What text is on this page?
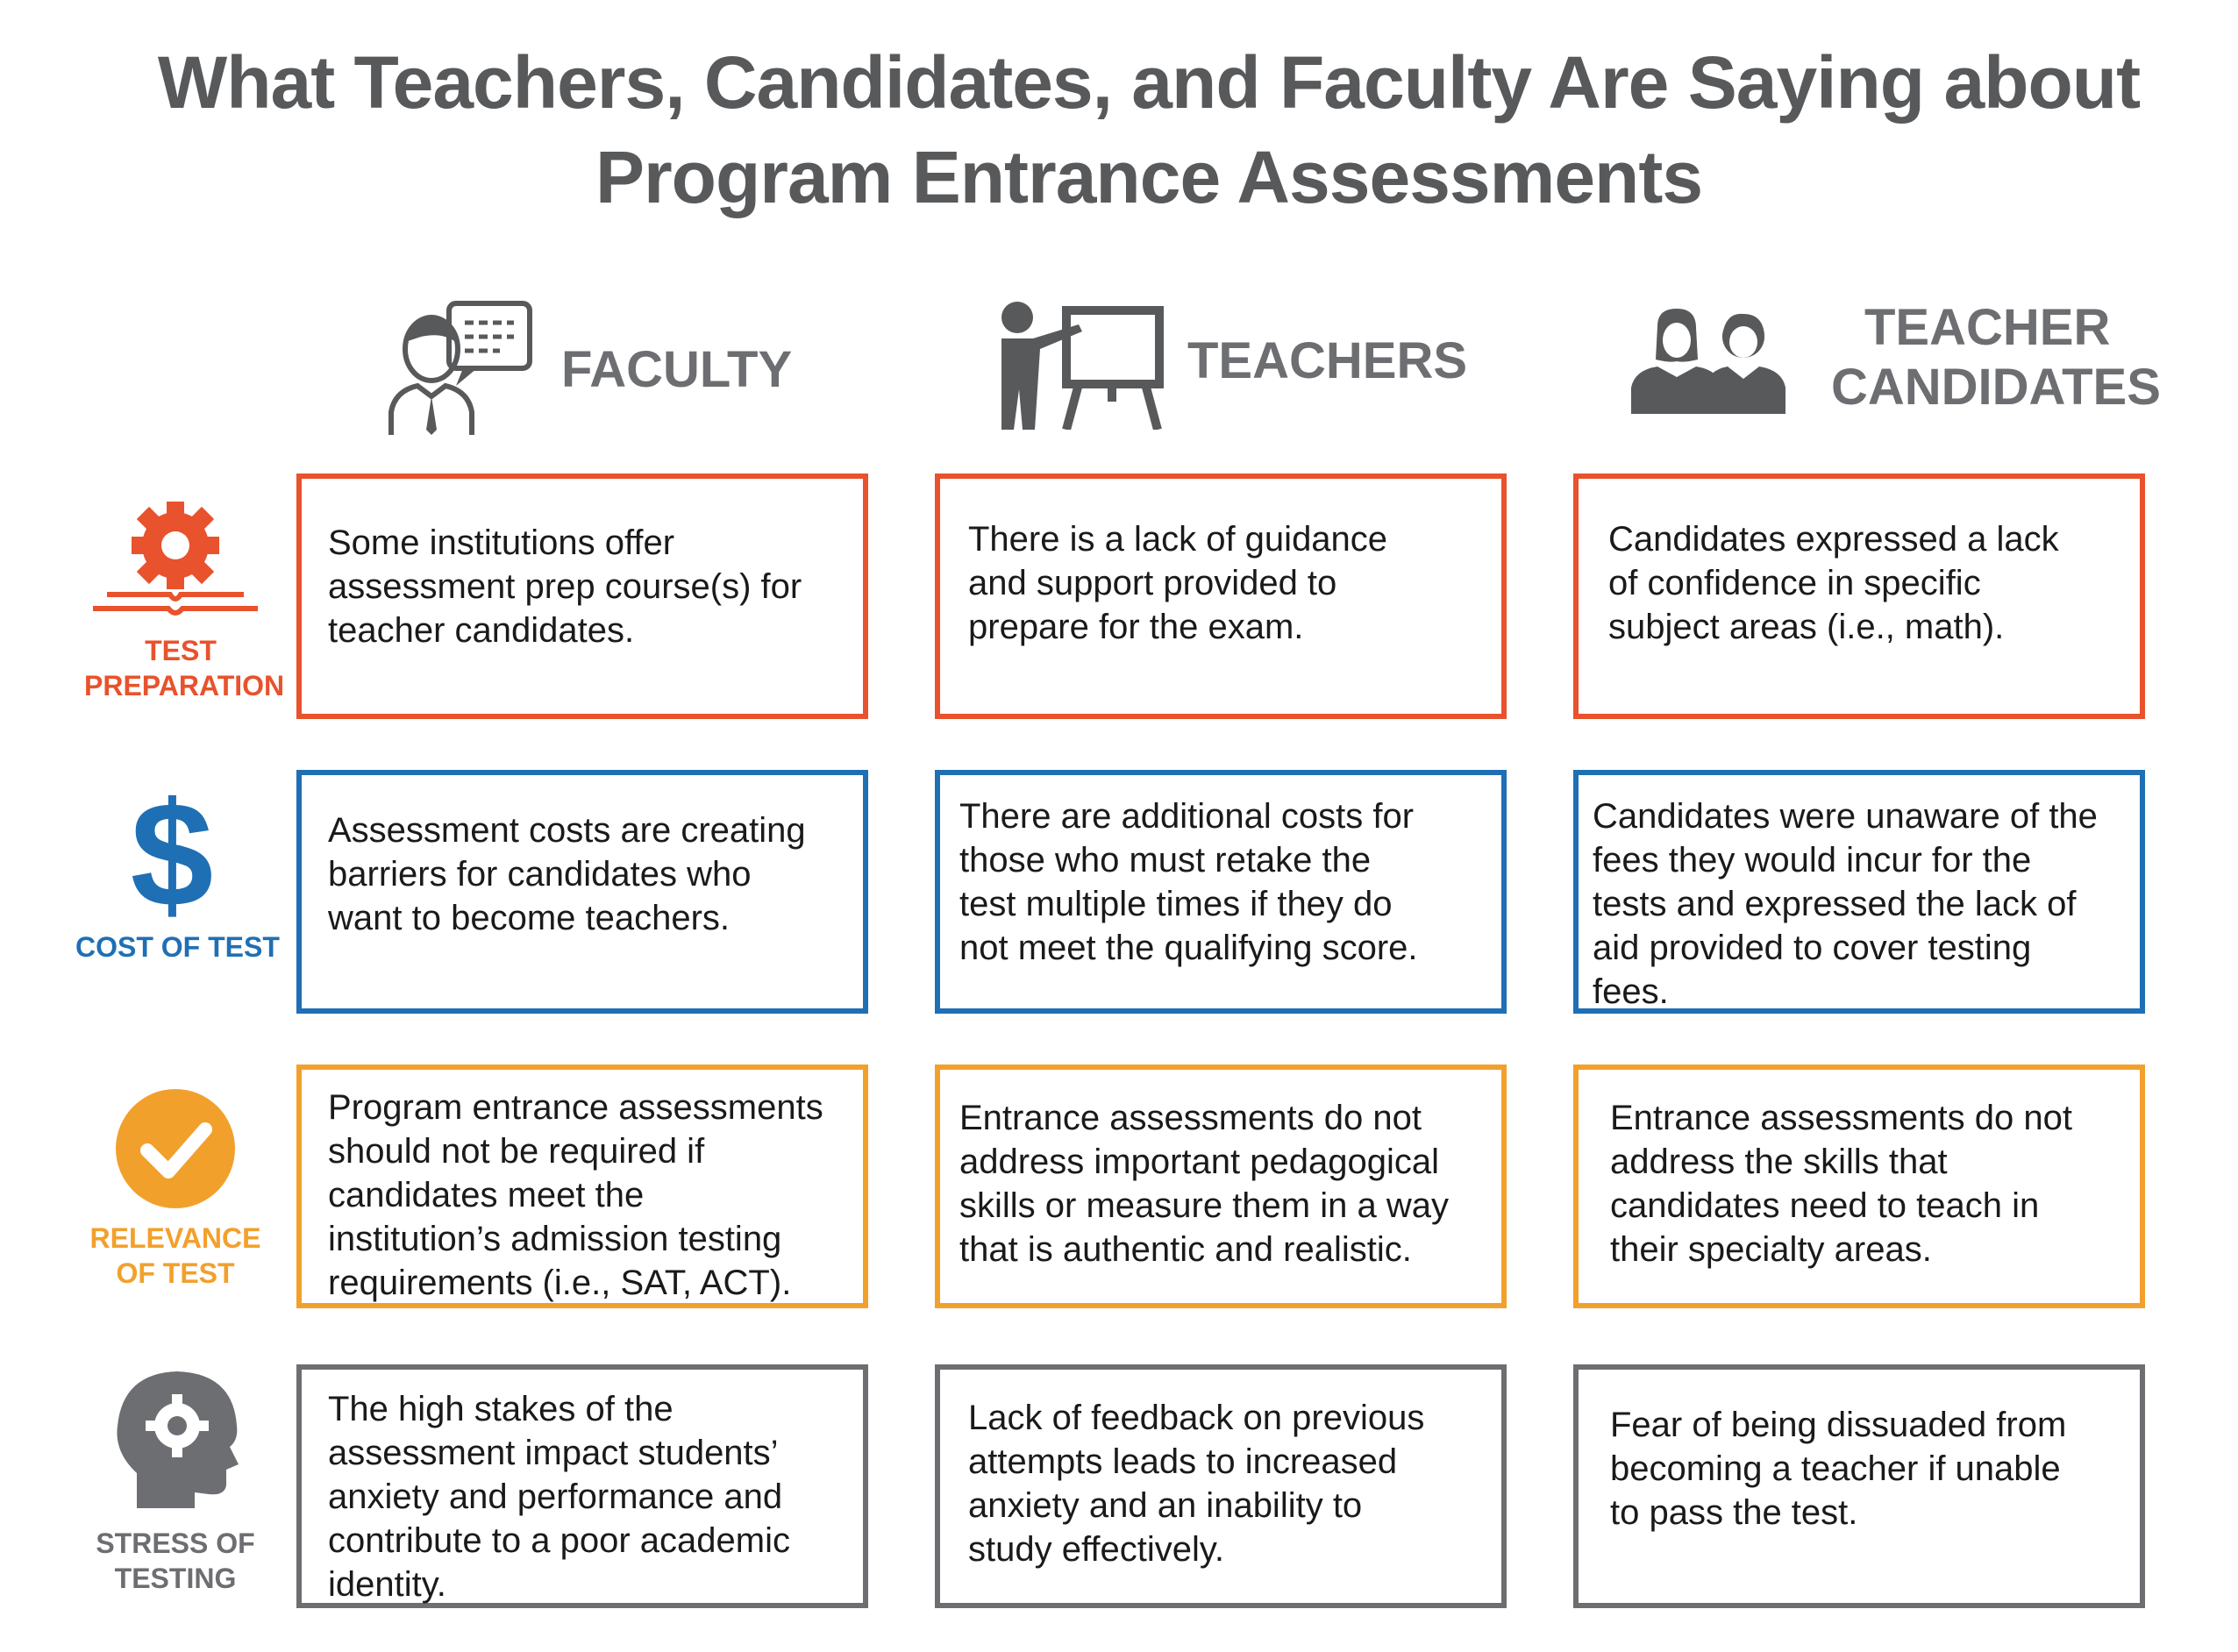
What Teachers, Candidates, and Faculty Are Saying about
Program Entrance Assessments
FACULTY	TEACHERS
TEACHER
CANDIDATES
TEST
PREPARATION
$
COST OF TEST
RELEVANCE
OF TEST
STRESS OF
TESTING
Some institutions offer
assessment prep course(s) for
teacher candidates.
There is a lack of guidance
and support provided to
prepare for the exam.
Candidates expressed a lack
of confidence in specific
subject areas (i.e., math).
Assessment costs are creating
barriers for candidates who
want to become teachers.
There are additional costs for
those who must retake the
test multiple times if they do
not meet the qualifying score.
Candidates were unaware of the
fees they would incur for the
tests and expressed the lack of
aid provided to cover testing
fees.
Program entrance assessments
should not be required if
candidates meet the
institution’s admission testing
requirements (i.e., SAT, ACT).
Entrance assessments do not
address important pedagogical
skills or measure them in a way
that is authentic and realistic.
Entrance assessments do not
address the skills that
candidates need to teach in
their specialty areas.
The high stakes of the
assessment impact students’
anxiety and performance and
contribute to a poor academic
identity.
Lack of feedback on previous
attempts leads to increased
anxiety and an inability to
study effectively.
Fear of being dissuaded from
becoming a teacher if unable
to pass the test.
